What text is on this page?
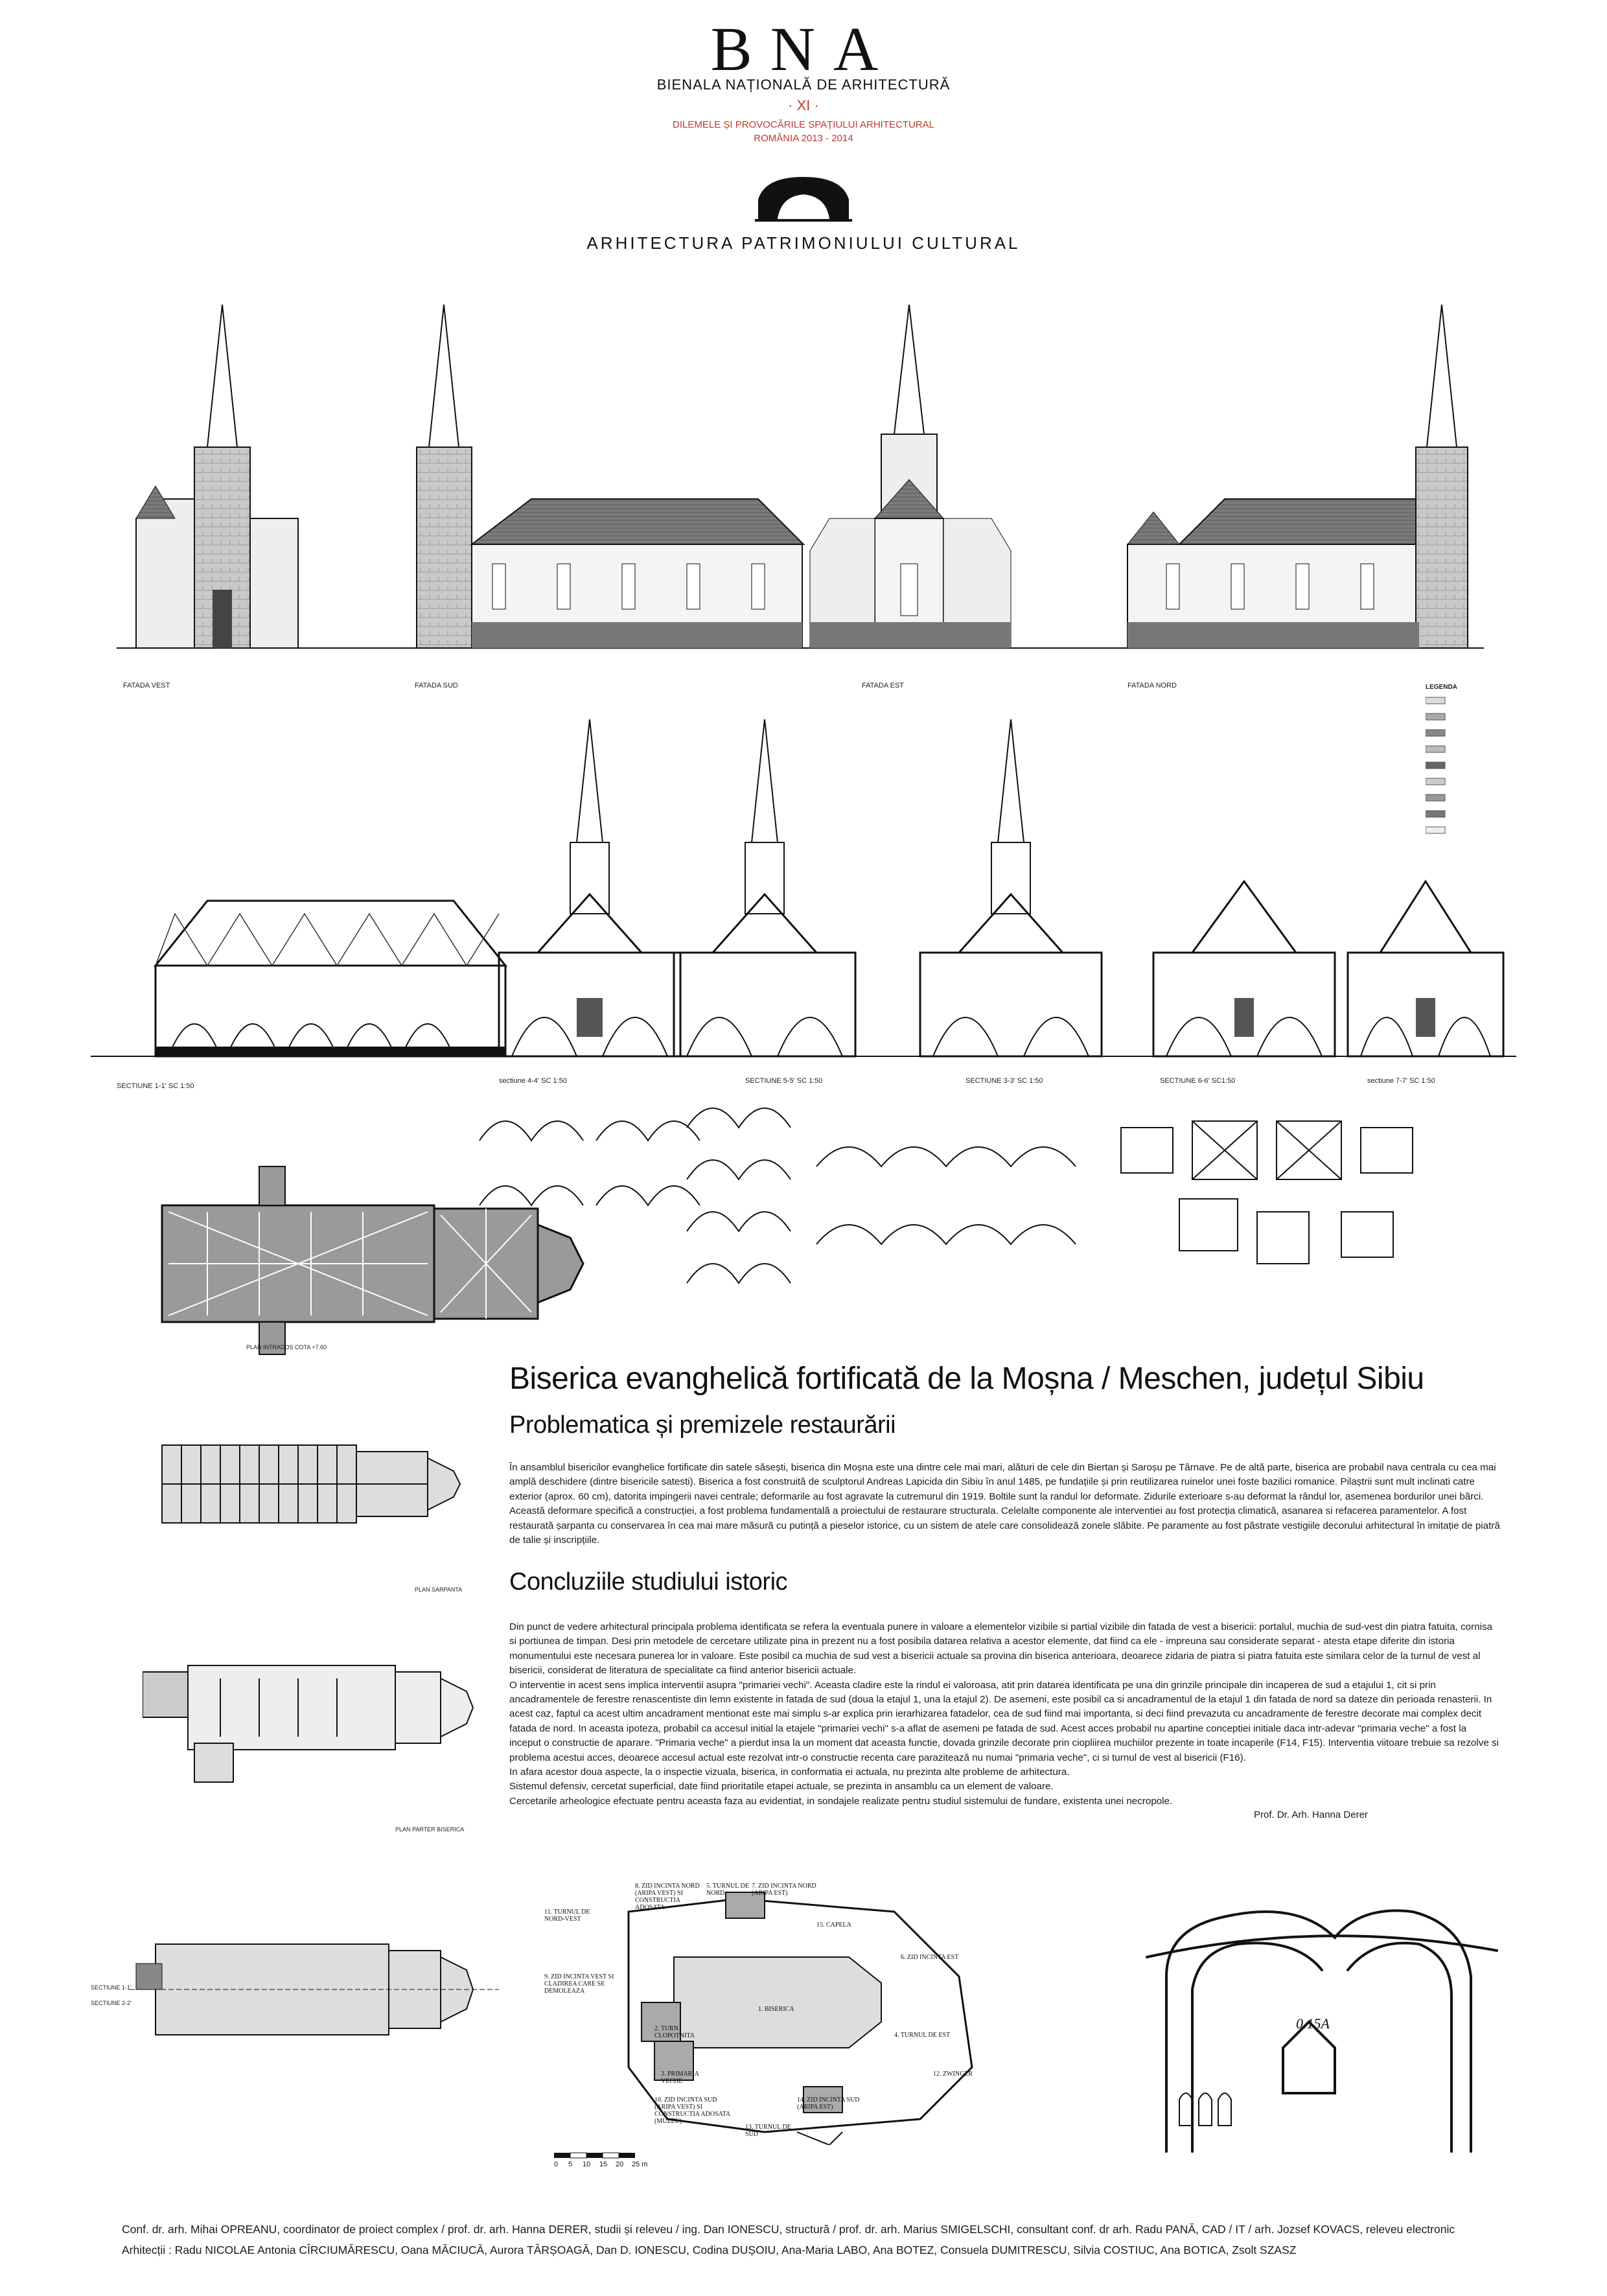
BNA
BIENALA NAȚIONALĂ DE ARHITECTURĂ
· XI ·
DILEMELE ȘI PROVOCĂRILE SPAȚIULUI ARHITECTURAL
ROMÂNIA 2013 - 2014
ARHITECTURA PATRIMONIULUI CULTURAL
FATADA VEST	FATADA SUD	FATADA EST	FATADA NORD	LEGENDA
SECTIUNE 1-1' SC 1:50
sectiune 4-4' SC 1:50	SECTIUNE 5-5' SC 1:50	SECTIUNE 3-3' SC 1:50	SECTIUNE 6-6' SC1:50	sectiune 7-7' SC 1:50
PLAN INTRADOS COTA +7.60
Biserica evanghelică fortificată de la Moșna / Meschen, județul Sibiu
Problematica și premizele restaurării

În ansamblul bisericilor evanghelice fortificate din satele săsești, biserica din Moșna este una dintre cele mai mari, alături de cele din Biertan și Saroșu pe Târnave. Pe de altă parte, biserica are probabil nava centrala cu cea mai amplă deschidere (dintre bisericile satesti). Biserica a fost construită de sculptorul Andreas Lapicida din Sibiu în anul 1485, pe fundațiile și prin reutilizarea ruinelor unei foste bazilici romanice. Pilaștrii sunt mult inclinati catre exterior (aprox. 60 cm), datorita impingerii navei centrale; deformarile au fost agravate la cutremurul din 1919. Boltile sunt la randul lor deformate. Zidurile exterioare s-au deformat la rândul lor, asemenea bordurilor unei bărci. Această deformare specifică a construcției, a fost problema fundamentală a proiectului de restaurare structurala. Celelalte componente ale interventiei au fost protecția climatică, asanarea si refacerea paramentelor. A fost restaurată șarpanta cu conservarea în cea mai mare măsură cu putință a pieselor istorice, cu un sistem de atele care consolidează zonele slăbite. Pe paramente au fost păstrate vestigiile decorului arhitectural în imitație de piatră de talie și inscripțiile.

Concluziile studiului istoric

Din punct de vedere arhitectural principala problema identificata se refera la eventuala punere in valoare a elementelor vizibile si partial vizibile din fatada de vest a bisericii: portalul, muchia de sud-vest din piatra fatuita, cornisa si portiunea de timpan. Desi prin metodele de cercetare utilizate pina in prezent nu a fost posibila datarea relativa a acestor elemente, dat fiind ca ele - impreuna sau considerate separat - atesta etape diferite din istoria monumentului este necesara punerea lor in valoare. Este posibil ca muchia de sud vest a bisericii actuale sa provina din biserica anterioara, deoarece zidaria de piatra si piatra fatuita este similara celor de la turnul de vest al bisericii, considerat de literatura de specialitate ca fiind anterior bisericii actuale.

O interventie in acest sens implica interventii asupra "primariei vechi". Aceasta cladire este la rindul ei valoroasa, atit prin datarea identificata pe una din grinzile principale din incaperea de sud a etajului 1, cit si prin ancadramentele de ferestre renascentiste din lemn existente in fatada de sud (doua la etajul 1, una la etajul 2). De asemeni, este posibil ca si ancadramentul de la etajul 1 din fatada de nord sa dateze din perioada renasterii. In acest caz, faptul ca acest ultim ancadrament mentionat este mai simplu s-ar explica prin ierarhizarea fatadelor, cea de sud fiind mai importanta, si deci fiind prevazuta cu ancadramente de ferestre decorate mai complex decit fatada de nord. In aceasta ipoteza, probabil ca accesul initial la etajele "primariei vechi" s-a aflat de asemeni pe fatada de sud. Acest acces probabil nu apartine conceptiei initiale daca intr-adevar "primaria veche" a fost la inceput o constructie de aparare. "Primaria veche" a pierdut insa la un moment dat aceasta functie, dovada grinzile decorate prin ciopliirea muchiilor prezente in toate incaperile (F14, F15). Interventia viitoare trebuie sa rezolve si problema acestui acces, deoarece accesul actual este rezolvat intr-o constructie recenta care parazitează nu numai "primaria veche", ci si turnul de vest al bisericii (F16).

In afara acestor doua aspecte, la o inspectie vizuala, biserica, in conformatia ei actuala, nu prezinta alte probleme de arhitectura.

Sistemul defensiv, cercetat superficial, date fiind prioritatile etapei actuale, se prezinta in ansamblu ca un element de valoare.

Cercetarile arheologice efectuate pentru aceasta faza au evidentiat, in sondajele realizate pentru studiul sistemului de fundare, existenta unei necropole.

Prof. Dr. Arh. Hanna Derer
PLAN SARPANTA
PLAN PARTER BISERICA
SECTIUNE 1-1'
SECTIUNE 2-2'
8. ZID INCINTA NORD (ARIPA VEST) SI CONSTRUCTIA ADOSATA
5. TURNUL DE NORD
7. ZID INCINTA NORD (ARIPA EST)
11. TURNUL DE NORD-VEST
15. CAPELA
6. ZID INCINTA EST
9. ZID INCINTA VEST SI CLADIREA CARE SE DEMOLEAZA
1. BISERICA
2. TURN CLOPOTNITA	4. TURNUL DE EST
3. PRIMARIA VECHE
12. ZWINGER
10. ZID INCINTA SUD (ARIPA VEST) SI CONSTRUCTIA ADOSATA (MUZEU)
14. ZID INCINTA SUD (ARIPA EST)
13. TURNUL DE SUD
0 5 10 15 20 25 m
0.15A
Conf. dr. arh. Mihai OPREANU, coordinator de proiect complex / prof. dr. arh. Hanna DERER, studii și releveu / ing. Dan IONESCU, structură / prof. dr. arh. Marius SMIGELSCHI, consultant conf. dr arh. Radu PANĂ, CAD / IT / arh. Jozsef KOVACS, releveu electronic
Arhitecții : Radu NICOLAE Antonia CÎRCIUMĂRESCU, Oana MĂCIUCĂ, Aurora TÂRȘOAGĂ, Dan D. IONESCU, Codina DUȘOIU, Ana-Maria LABO, Ana BOTEZ, Consuela DUMITRESCU, Silvia COSTIUC, Ana BOTICA, Zsolt SZASZ
